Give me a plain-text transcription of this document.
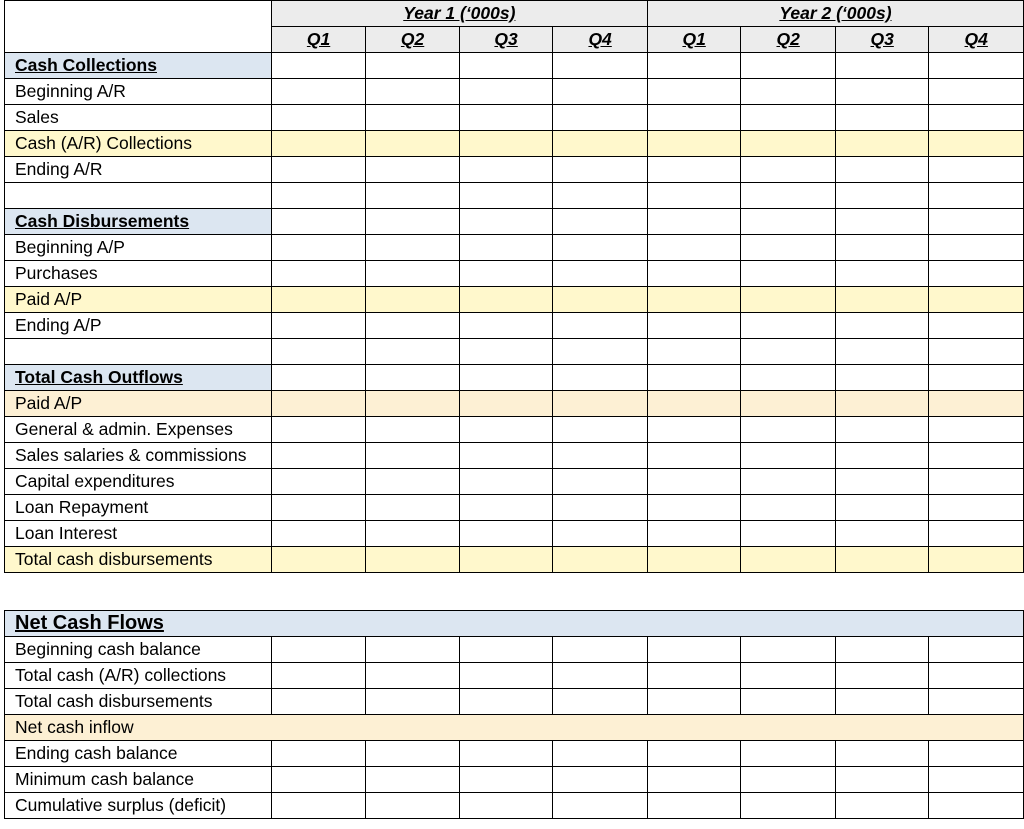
	Year 1 (‘000s)				Year 2 (‘000s)			
	Q1	Q2	Q3	Q4	Q1	Q2	Q3	Q4
Cash Collections								
Beginning A/R								
Sales								
Cash (A/R) Collections								
Ending A/R								

Cash Disbursements								
Beginning A/P								
Purchases								
Paid A/P								
Ending A/P								

Total Cash Outflows								
Paid A/P								
General & admin. Expenses								
Sales salaries & commissions								
Capital expenditures								
Loan Repayment								
Loan Interest								
Total cash disbursements								
Net Cash Flows								
Beginning cash balance								
Total cash (A/R) collections								
Total cash disbursements								
Net cash inflow								
Ending cash balance								
Minimum cash balance								
Cumulative surplus (deficit)								
